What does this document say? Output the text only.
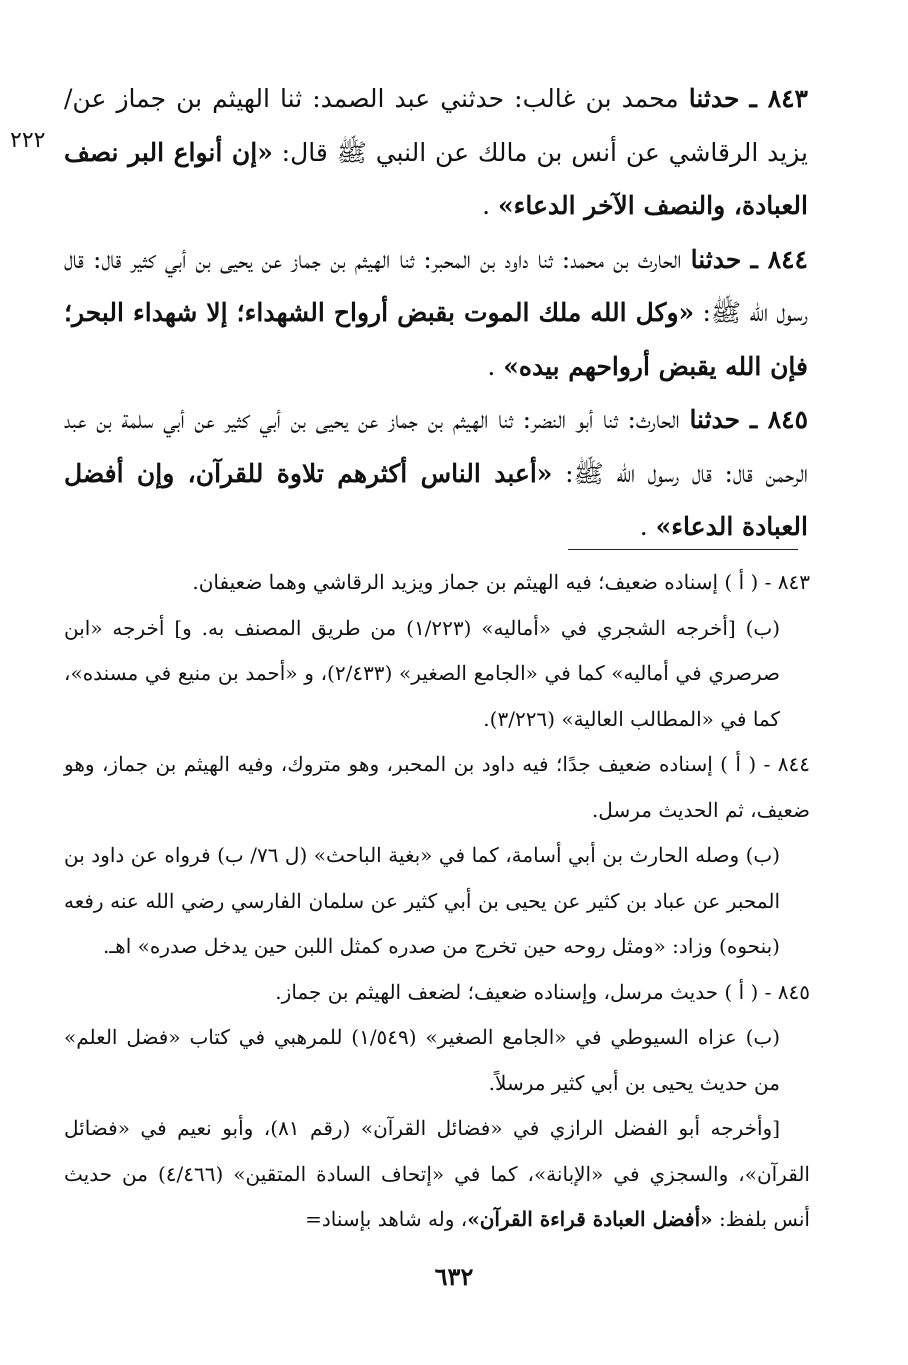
٢٢٢

٨٤٣ ـ حدثنا محمد بن غالب: حدثني عبد الصمد: ثنا الهيثم بن جماز عن/ يزيد الرقاشي عن أنس بن مالك عن النبي ﷺ قال: «إن أنواع البر نصف العبادة، والنصف الآخر الدعاء» .

٨٤٤ ـ حدثنا الحارث بن محمد: ثنا داود بن المحبر: ثنا الهيثم بن جماز عن يحيى بن أبي كثير قال: قال رسول الله ﷺ: «وكل الله ملك الموت بقبض أرواح الشهداء؛ إلا شهداء البحر؛ فإن الله يقبض أرواحهم بيده» .

٨٤٥ ـ حدثنا الحارث: ثنا أبو النضر: ثنا الهيثم بن جماز عن يحيى بن أبي كثير عن أبي سلمة بن عبد الرحمن قال: قال رسول الله ﷺ: «أعبد الناس أكثرهم تلاوة للقرآن، وإن أفضل العبادة الدعاء» .

٨٤٣ - ( أ ) إسناده ضعيف؛ فيه الهيثم بن جماز ويزيد الرقاشي وهما ضعيفان.

(ب) [أخرجه الشجري في «أماليه» (١/٢٢٣) من طريق المصنف به. و] أخرجه «ابن صرصري في أماليه» كما في «الجامع الصغير» (٢/٤٣٣)، و «أحمد بن منيع في مسنده»، كما في «المطالب العالية» (٣/٢٢٦).

٨٤٤ - ( أ ) إسناده ضعيف جدًا؛ فيه داود بن المحبر، وهو متروك، وفيه الهيثم بن جماز، وهو ضعيف، ثم الحديث مرسل.

(ب) وصله الحارث بن أبي أسامة، كما في «بغية الباحث» (ل ٧٦/ ب) فرواه عن داود بن المحبر عن عباد بن كثير عن يحيى بن أبي كثير عن سلمان الفارسي رضي الله عنه رفعه (بنحوه) وزاد: «ومثل روحه حين تخرج من صدره كمثل اللبن حين يدخل صدره» اهـ.

٨٤٥ - ( أ ) حديث مرسل، وإسناده ضعيف؛ لضعف الهيثم بن جماز.

(ب) عزاه السيوطي في «الجامع الصغير» (١/٥٤٩) للمرهبي في كتاب «فضل العلم» من حديث يحيى بن أبي كثير مرسلاً.

[وأخرجه أبو الفضل الرازي في «فضائل القرآن» (رقم ٨١)، وأبو نعيم في «فضائل القرآن»، والسجزي في «الإبانة»، كما في «إتحاف السادة المتقين» (٤/٤٦٦) من حديث أنس بلفظ: «أفضل العبادة قراءة القرآن»، وله شاهد بإسناد=

٦٣٢
